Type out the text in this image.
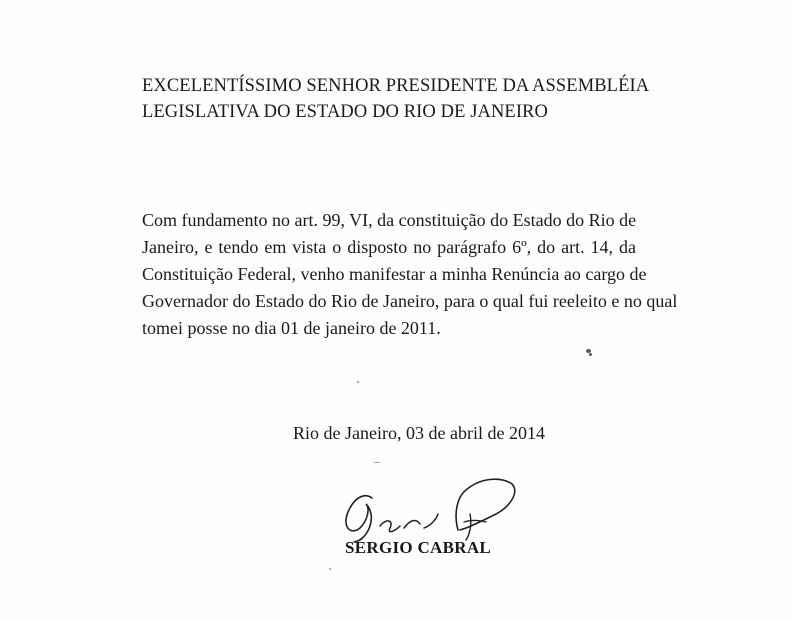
EXCELENTÍSSIMO SENHOR PRESIDENTE DA ASSEMBLÉIA
LEGISLATIVA DO ESTADO DO RIO DE JANEIRO
Com fundamento no art. 99, VI, da constituição do Estado do Rio de
Janeiro, e tendo em vista o disposto no parágrafo 6º, do art. 14, da
Constituição Federal, venho manifestar a minha Renúncia ao cargo de
Governador do Estado do Rio de Janeiro, para o qual fui reeleito e no qual
tomei posse no dia 01 de janeiro de 2011.
Rio de Janeiro, 03 de abril de 2014
SÉRGIO CABRAL
